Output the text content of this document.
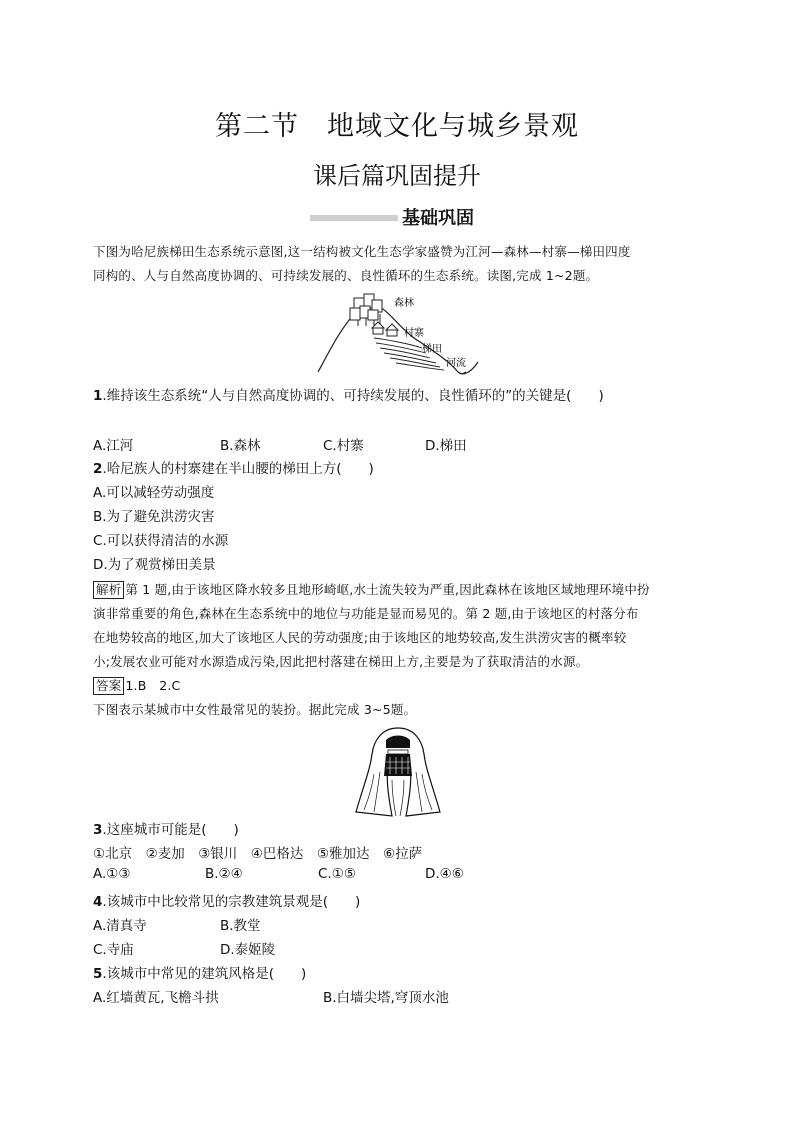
第二节　地域文化与城乡景观
课后篇巩固提升
基础巩固
下图为哈尼族梯田生态系统示意图,这一结构被文化生态学家盛赞为江河—森林—村寨—梯田四度
同构的、人与自然高度协调的、可持续发展的、良性循环的生态系统。读图,完成 1~2题。
森林
村寨
梯田
河流
1.维持该生态系统“人与自然高度协调的、可持续发展的、良性循环的”的关键是(　　)
A.江河	B.森林	C.村寨	D.梯田
2.哈尼族人的村寨建在半山腰的梯田上方(　　)
A.可以减轻劳动强度
B.为了避免洪涝灾害
C.可以获得清洁的水源
D.为了观赏梯田美景
解析 第 1 题,由于该地区降水较多且地形崎岖,水土流失较为严重,因此森林在该地区域地理环境中扮
演非常重要的角色,森林在生态系统中的地位与功能是显而易见的。第 2 题,由于该地区的村落分布
在地势较高的地区,加大了该地区人民的劳动强度;由于该地区的地势较高,发生洪涝灾害的概率较
小;发展农业可能对水源造成污染,因此把村落建在梯田上方,主要是为了获取清洁的水源。
答案 1.B　2.C
下图表示某城市中女性最常见的装扮。据此完成 3~5题。
3.这座城市可能是(　　)
①北京　②麦加　③银川　④巴格达　⑤雅加达　⑥拉萨
A.①③	B.②④	C.①⑤	D.④⑥
4.该城市中比较常见的宗教建筑景观是(　　)
A.清真寺	B.教堂
C.寺庙	D.泰姬陵
5.该城市中常见的建筑风格是(　　)
A.红墙黄瓦,飞檐斗拱	B.白墙尖塔,穹顶水池
